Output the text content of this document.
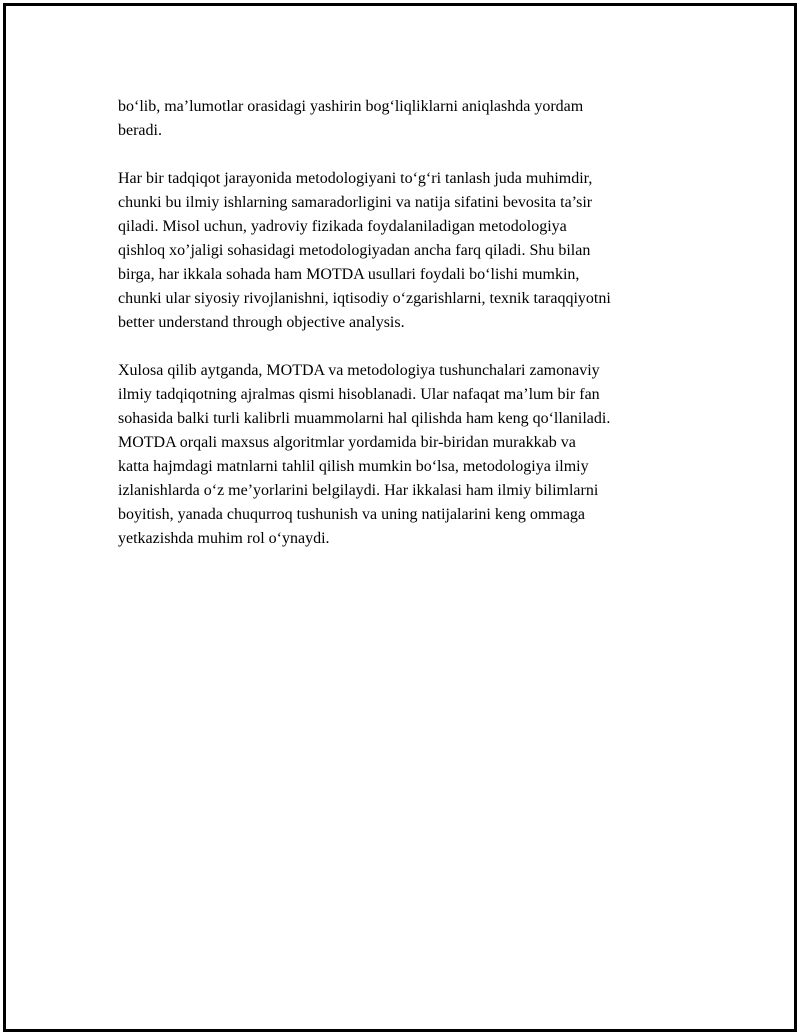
bo‘lib, ma’lumotlar orasidagi yashirin bog‘liqliklarni aniqlashda yordam
beradi.

Har bir tadqiqot jarayonida metodologiyani to‘g‘ri tanlash juda muhimdir,
chunki bu ilmiy ishlarning samaradorligini va natija sifatini bevosita ta’sir
qiladi. Misol uchun, yadroviy fizikada foydalaniladigan metodologiya
qishloq xo’jaligi sohasidagi metodologiyadan ancha farq qiladi. Shu bilan
birga, har ikkala sohada ham MOTDA usullari foydali bo‘lishi mumkin,
chunki ular siyosiy rivojlanishni, iqtisodiy o‘zgarishlarni, texnik taraqqiyotni
better understand through objective analysis.

Xulosa qilib aytganda, MOTDA va metodologiya tushunchalari zamonaviy
ilmiy tadqiqotning ajralmas qismi hisoblanadi. Ular nafaqat ma’lum bir fan
sohasida balki turli kalibrli muammolarni hal qilishda ham keng qo‘llaniladi.
MOTDA orqali maxsus algoritmlar yordamida bir-biridan murakkab va
katta hajmdagi matnlarni tahlil qilish mumkin bo‘lsa, metodologiya ilmiy
izlanishlarda o‘z me’yorlarini belgilaydi. Har ikkalasi ham ilmiy bilimlarni
boyitish, yanada chuqurroq tushunish va uning natijalarini keng ommaga
yetkazishda muhim rol o‘ynaydi.
